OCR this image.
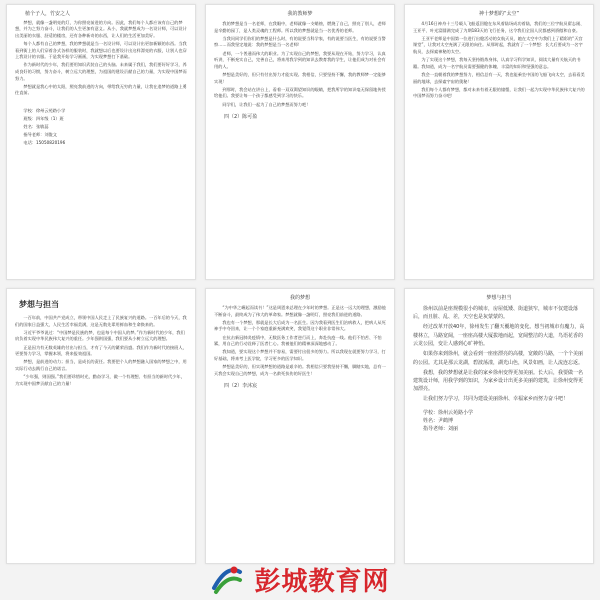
植个子人，竹安之人

梦想，就像一盏明亮的灯，为你照亮前进的方向。因此，我们每个人都应该有自己的梦想，并为之努力奋斗，让我们的人生更加有意义。从小，我就梦想成为一名设计师，可以设计出美丽的衣服、舒适的楼房，还有各种新奇的东西，让人们的生活更加美好。

每个人都有自己的梦想，我的梦想就是当一名设计师，可以设计出更加新颖的东西。当我看到街上的人们穿着各式各样的服装时，我就想以后也要设计出这样漂亮的衣服，让别人也穿上我设计的衣服。于是我开始学习画画，为实现梦想打下基础。

作为新时代的少年，我们要用知识武装自己的头脑。未来属于我们，我们要好好学习，养成良好的习惯，努力奋斗，树立远大的理想，为祖国的建设贡献自己的力量，为实现中国梦而努力。

梦想就是我心中的太阳，照亮我前进的方向，带给我无穷的力量，让我在追梦的道路上勇往直前。

学校：徐州云苑路小学

班级：四年级（1）班

姓名：张敏蕊

指导老师：刘俊文

电话：15050820196

我的教师梦

我的梦想是当一名老师，在我眼中，老师就像一支蜡烛，燃烧了自己，照亮了别人，老师是辛勤的园丁，是人类灵魂的工程师。所以我的梦想就是当一名优秀的老师。

当我问同学们你们的梦想是什么时，有的说要当科学家，有的说要当医生，有的说要当警察……而我坚定地说：我的梦想是当一名老师！

老师，一个普通而伟大的职业。为了实现自己的梦想，我要从现在开始，努力学习，认真听讲，不断充实自己，完善自己，将来用我学到的知识去教育我的学生，让他们成为对社会有用的人。

梦想是美好的，但只有付出努力才能实现。我相信，只要坚持不懈，我的教师梦一定能够实现！

到那时，我会站在讲台上，看着一双双渴望知识的眼睛，把我所学的知识毫无保留地传授给他们。我要让每一个孩子都感受到学习的快乐。

同学们，让我们一起为了自己的梦想而努力吧！

四（2）陈可盈

神十梦想的“太空”

4月16日神舟十三号载人飞船返回舱在东风着陆场成功着陆，我们的三位宇航员翟志刚、王亚平、叶光富圆满完成了为期183天的飞行任务，这令我们全国人民都感到骄傲和自豪。

王亚平老师是中国第一位进行出舱活动的女航天员，她在太空中为我们上了精彩的“天宫课堂”，让我对太空充满了无限的向往。从那时起，我就有了一个梦想：长大后要成为一名宇航员，去探索神秘的太空。

为了实现这个梦想，我每天坚持锻炼身体，认真学习科学知识，阅读大量有关航天的书籍。我知道，成为一名宇航员需要强健的体魄、丰富的知识和坚强的意志。

我会一直朝着我的梦想努力，相信总有一天，我也能乘坐中国的飞船飞向太空，去看看美丽的地球，去探索宇宙的奥秘！

我们每个人都有梦想，都对未来有着无限的憧憬，让我们一起为实现中华民族伟大复兴的中国梦而努力奋斗吧！

梦想与担当

一百年前，中国共产党成立，带领中国人民走上了民族复兴的道路。一百年后的今天，我们的国家日益强大，人民生活幸福美满，这是无数先辈用鲜血和生命换来的。

习近平爷爷说过：“中国梦是民族的梦，也是每个中国人的梦。”作为新时代的少年，我们肩负着实现中华民族伟大复兴的重任。少年强则国强，我们要从小树立远大的理想。

正是因为有无数英雄的付出与担当，才有了今天的繁荣昌盛。我们作为新时代的接班人，更要努力学习，掌握本领，将来报效祖国。

梦想，是前进的动力；担当，是成长的责任。我要把个人的梦想融入国家的梦想之中，用实际行动去践行自己的诺言。

“少年强，则国强。”我们要珍惜时光，勤奋学习，做一个有理想、有担当的新时代少年，为实现中国梦贡献自己的力量！

我的梦想

“为中华之崛起而读书！”这是周恩来总理在少年时的梦想。正是这一远大的理想，激励他不断奋斗，最终成为了伟大的革命家。梦想就像一盏明灯，照亮我们前进的道路。

我也有一个梦想，那就是长大后成为一名医生。因为我看到医生们治病救人，把病人从死神手中夺回来，让一个个家庭重新充满欢笑，我觉得这个职业非常伟大。

在抗击新冠肺炎疫情中，无数医务工作者逆行而上，奔赴抗疫一线。他们不怕苦、不怕累，用自己的行动诠释了医者仁心。我被他们的精神深深地感动了。

我知道，要实现这个梦想并不容易，需要付出很多的努力。所以我现在就要努力学习，打好基础，将来考上医学院，学习更多的医学知识。

梦想是美好的，但实现梦想的道路是艰辛的。我相信只要我坚持不懈，脚踏实地，总有一天我会实现自己的梦想，成为一名救死扶伤的好医生！

四（2）李沐宸

梦想与担当

徐州以前是座规模很小的城市，房屋低矮、街道狭窄，城市不仅建设落后，而且脏、乱、差，天空也是灰蒙蒙的。

经过改革开放40年，徐州发生了翻天覆地的变化。想当初城市有魔力，高楼林立，马路宽阔，一座座高楼大厦拔地而起，宽阔整洁的大道，鸟语花香的云龙公园，变让人感到心旷神怡。

如果你来到徐州，就会看到一座座漂亮的高楼，宽敞的马路，一个个美丽的公园。尤其是那云龙湖，碧波荡漾，湖光山色，风景如画，让人流连忘返。

我想，我的梦想就是让我的家乡徐州变得更加美丽。长大后，我要做一名建筑设计师，用我学到的知识，为家乡设计出更多美丽的建筑，让徐州变得更加漂亮。

让我们努力学习，共同为建设美丽徐州、幸福家乡而努力奋斗吧！

学校：徐州云苑路小学

姓名：尹鹤博

指导老师：刘丽

彭城教育网
